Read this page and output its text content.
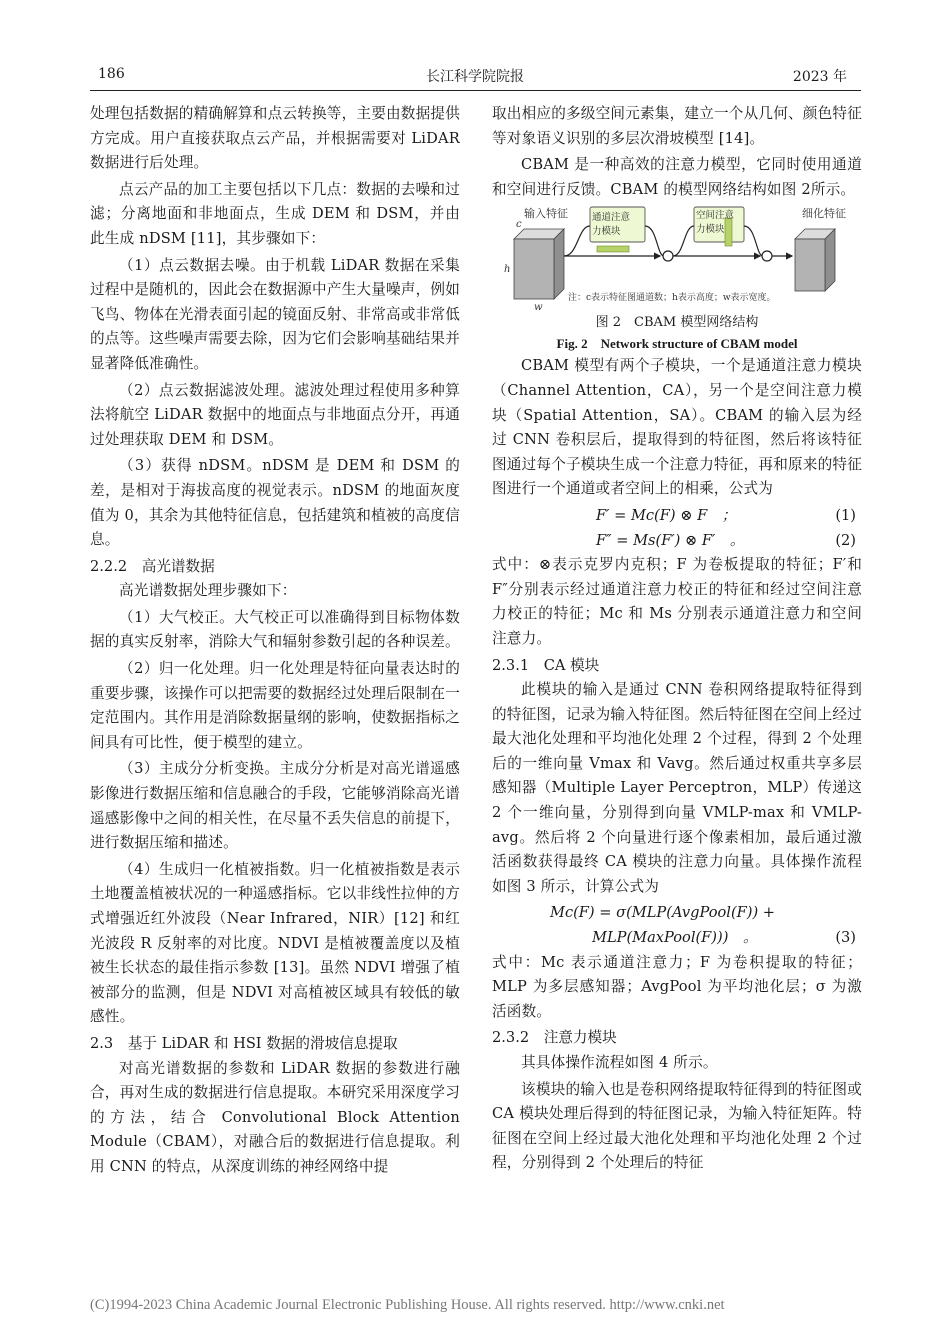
186	长江科学院院报	2023 年

处理包括数据的精确解算和点云转换等，主要由数据提供方完成。用户直接获取点云产品，并根据需要对 LiDAR 数据进行后处理。

点云产品的加工主要包括以下几点：数据的去噪和过滤；分离地面和非地面点，生成 DEM 和 DSM，并由此生成 nDSM [11]，其步骤如下：

（1）点云数据去噪。由于机载 LiDAR 数据在采集过程中是随机的，因此会在数据源中产生大量噪声，例如飞鸟、物体在光滑表面引起的镜面反射、非常高或非常低的点等。这些噪声需要去除，因为它们会影响基础结果并显著降低准确性。

（2）点云数据滤波处理。滤波处理过程使用多种算法将航空 LiDAR 数据中的地面点与非地面点分开，再通过处理获取 DEM 和 DSM。

（3）获得 nDSM。nDSM 是 DEM 和 DSM 的差，是相对于海拔高度的视觉表示。nDSM 的地面灰度值为 0，其余为其他特征信息，包括建筑和植被的高度信息。

2.2.2　高光谱数据

高光谱数据处理步骤如下：

（1）大气校正。大气校正可以准确得到目标物体数据的真实反射率，消除大气和辐射参数引起的各种误差。

（2）归一化处理。归一化处理是特征向量表达时的重要步骤，该操作可以把需要的数据经过处理后限制在一定范围内。其作用是消除数据量纲的影响，使数据指标之间具有可比性，便于模型的建立。

（3）主成分分析变换。主成分分析是对高光谱遥感影像进行数据压缩和信息融合的手段，它能够消除高光谱遥感影像中之间的相关性，在尽量不丢失信息的前提下，进行数据压缩和描述。

（4）生成归一化植被指数。归一化植被指数是表示土地覆盖植被状况的一种遥感指标。它以非线性拉伸的方式增强近红外波段（Near Infrared，NIR）[12] 和红光波段 R 反射率的对比度。NDVI 是植被覆盖度以及植被生长状态的最佳指示参数 [13]。虽然 NDVI 增强了植被部分的监测，但是 NDVI 对高植被区域具有较低的敏感性。

2.3　基于 LiDAR 和 HSI 数据的滑坡信息提取

对高光谱数据的参数和 LiDAR 数据的参数进行融合，再对生成的数据进行信息提取。本研究采用深度学习的方法，结合 Convolutional Block Attention Module（CBAM），对融合后的数据进行信息提取。利用 CNN 的特点，从深度训练的神经网络中提

取出相应的多级空间元素集，建立一个从几何、颜色特征等对象语义识别的多层次滑坡模型 [14]。

CBAM 是一种高效的注意力模型，它同时使用通道和空间进行反馈。CBAM 的模型网络结构如图 2所示。

输入特征
c
h
w
通道注意
力模块
空间注意
力模块
细化特征
注：c表示特征图通道数；h表示高度；w表示宽度。

图 2　CBAM 模型网络结构

Fig. 2　Network structure of CBAM model

CBAM 模型有两个子模块，一个是通道注意力模块（Channel Attention，CA），另一个是空间注意力模块（Spatial Attention，SA）。CBAM 的输入层为经过 CNN 卷积层后，提取得到的特征图，然后将该特征图通过每个子模块生成一个注意力特征，再和原来的特征图进行一个通道或者空间上的相乘，公式为

F′ = Mc(F) ⊗ F　；	(1)
F″ = Ms(F′) ⊗ F′　。	(2)

式中：⊗表示克罗内克积；F 为卷板提取的特征；F′和 F″分别表示经过通道注意力校正的特征和经过空间注意力校正的特征；Mc 和 Ms 分别表示通道注意力和空间注意力。

2.3.1　CA 模块

此模块的输入是通过 CNN 卷积网络提取特征得到的特征图，记录为输入特征图。然后特征图在空间上经过最大池化处理和平均池化处理 2 个过程，得到 2 个处理后的一维向量 Vmax 和 Vavg。然后通过权重共享多层感知器（Multiple Layer Perceptron，MLP）传递这 2 个一维向量，分别得到向量 VMLP-max 和 VMLP-avg。然后将 2 个向量进行逐个像素相加，最后通过激活函数获得最终 CA 模块的注意力向量。具体操作流程如图 3 所示，计算公式为

Mc(F) = σ(MLP(AvgPool(F)) +
MLP(MaxPool(F)))　。	(3)

式中：Mc 表示通道注意力；F 为卷积提取的特征；MLP 为多层感知器；AvgPool 为平均池化层；σ 为激活函数。

2.3.2　注意力模块

其具体操作流程如图 4 所示。

该模块的输入也是卷积网络提取特征得到的特征图或 CA 模块处理后得到的特征图记录，为输入特征矩阵。特征图在空间上经过最大池化处理和平均池化处理 2 个过程，分别得到 2 个处理后的特征

(C)1994-2023 China Academic Journal Electronic Publishing House. All rights reserved. http://www.cnki.net
